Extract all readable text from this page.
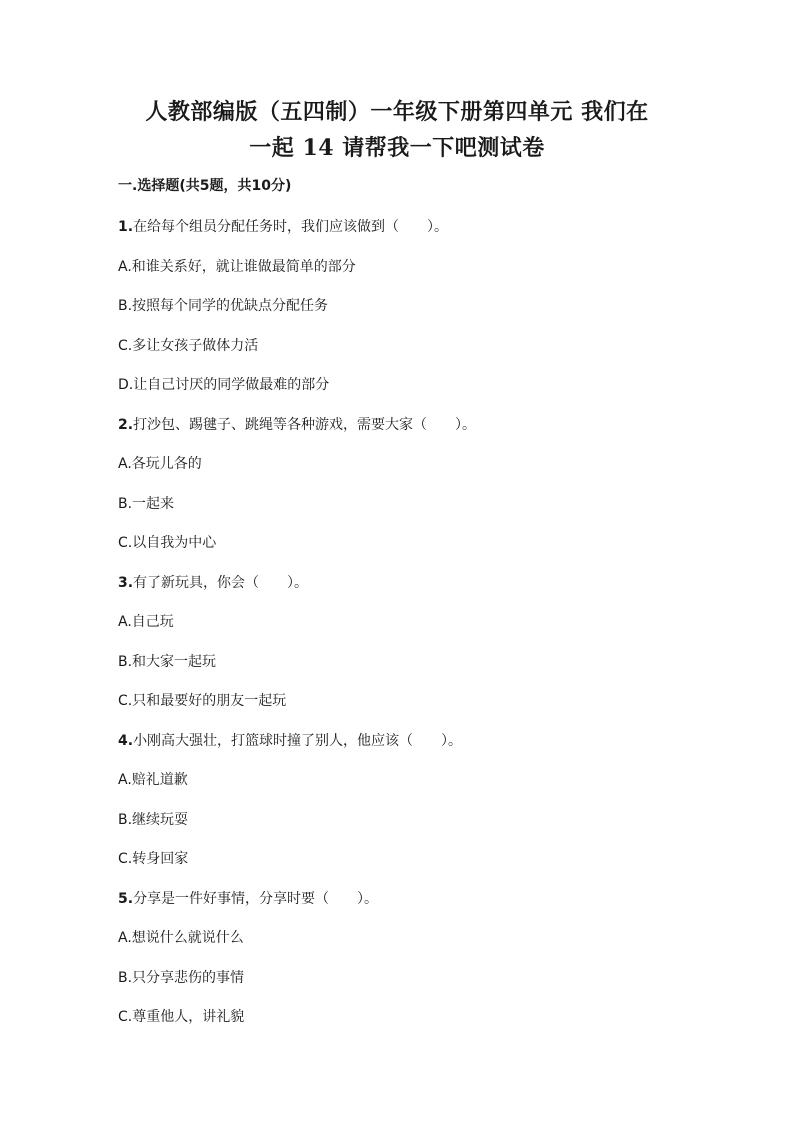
人教部编版（五四制）一年级下册第四单元 我们在
一起 14 请帮我一下吧测试卷
一.选择题(共5题，共10分)
1.在给每个组员分配任务时，我们应该做到（　　）。
A.和谁关系好，就让谁做最简单的部分
B.按照每个同学的优缺点分配任务
C.多让女孩子做体力活
D.让自己讨厌的同学做最难的部分
2.打沙包、踢毽子、跳绳等各种游戏，需要大家（　　）。
A.各玩儿各的
B.一起来
C.以自我为中心
3.有了新玩具，你会（　　）。
A.自己玩
B.和大家一起玩
C.只和最要好的朋友一起玩
4.小刚高大强壮，打篮球时撞了别人，他应该（　　）。
A.赔礼道歉
B.继续玩耍
C.转身回家
5.分享是一件好事情，分享时要（　　）。
A.想说什么就说什么
B.只分享悲伤的事情
C.尊重他人，讲礼貌
